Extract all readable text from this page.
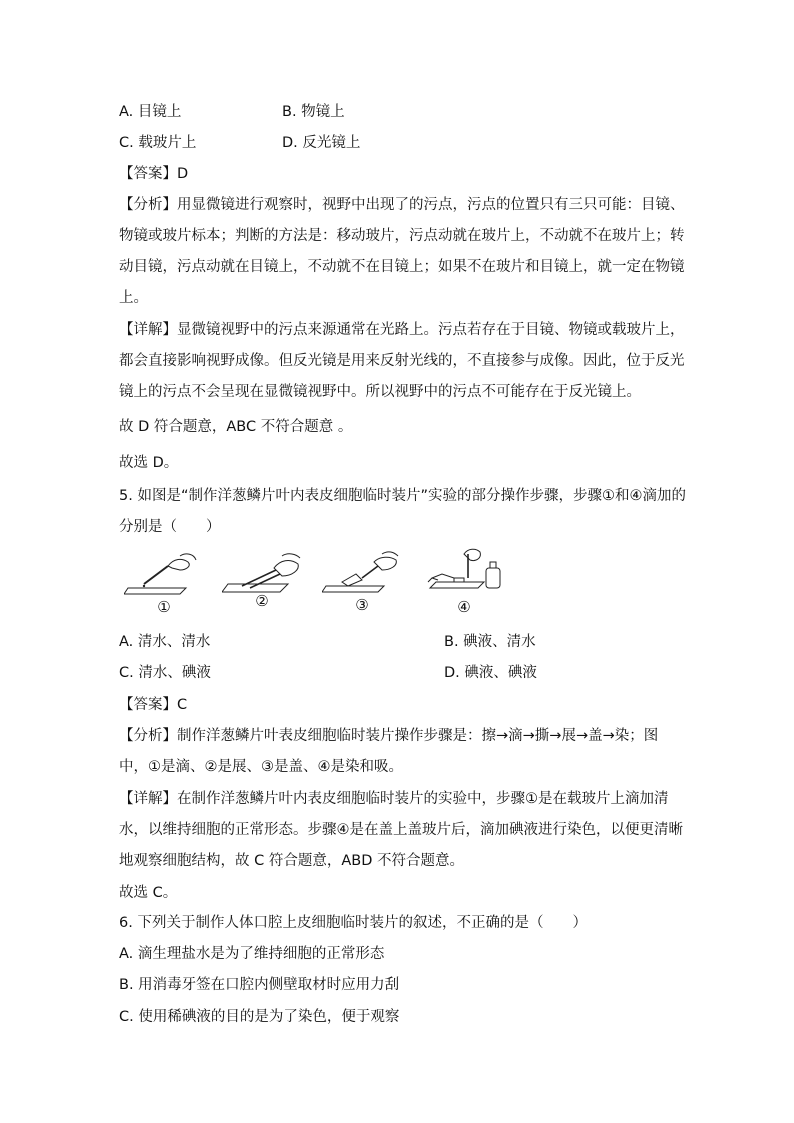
A. 目镜上	B. 物镜上
C. 载玻片上	D. 反光镜上
【答案】D
【分析】用显微镜进行观察时，视野中出现了的污点，污点的位置只有三只可能：目镜、
物镜或玻片标本；判断的方法是：移动玻片，污点动就在玻片上，不动就不在玻片上；转
动目镜，污点动就在目镜上，不动就不在目镜上；如果不在玻片和目镜上，就一定在物镜
上。
【详解】显微镜视野中的污点来源通常在光路上。污点若存在于目镜、物镜或载玻片上，
都会直接影响视野成像。但反光镜是用来反射光线的，不直接参与成像。因此，位于反光
镜上的污点不会呈现在显微镜视野中。所以视野中的污点不可能存在于反光镜上。
故 D 符合题意，ABC 不符合题意 。
故选 D。
5. 如图是“制作洋葱鳞片叶内表皮细胞临时装片”实验的部分操作步骤，步骤①和④滴加的
分别是（　　）
①	②	③	④
A. 清水、清水	B. 碘液、清水
C. 清水、碘液	D. 碘液、碘液
【答案】C
【分析】制作洋葱鳞片叶表皮细胞临时装片操作步骤是：擦→滴→撕→展→盖→染；图
中，①是滴、②是展、③是盖、④是染和吸。
【详解】在制作洋葱鳞片叶内表皮细胞临时装片的实验中，步骤①是在载玻片上滴加清
水，以维持细胞的正常形态。步骤④是在盖上盖玻片后，滴加碘液进行染色，以便更清晰
地观察细胞结构，故 C 符合题意，ABD 不符合题意。
故选 C。
6. 下列关于制作人体口腔上皮细胞临时装片的叙述，不正确的是（　　）
A. 滴生理盐水是为了维持细胞的正常形态
B. 用消毒牙签在口腔内侧壁取材时应用力刮
C. 使用稀碘液的目的是为了染色，便于观察
